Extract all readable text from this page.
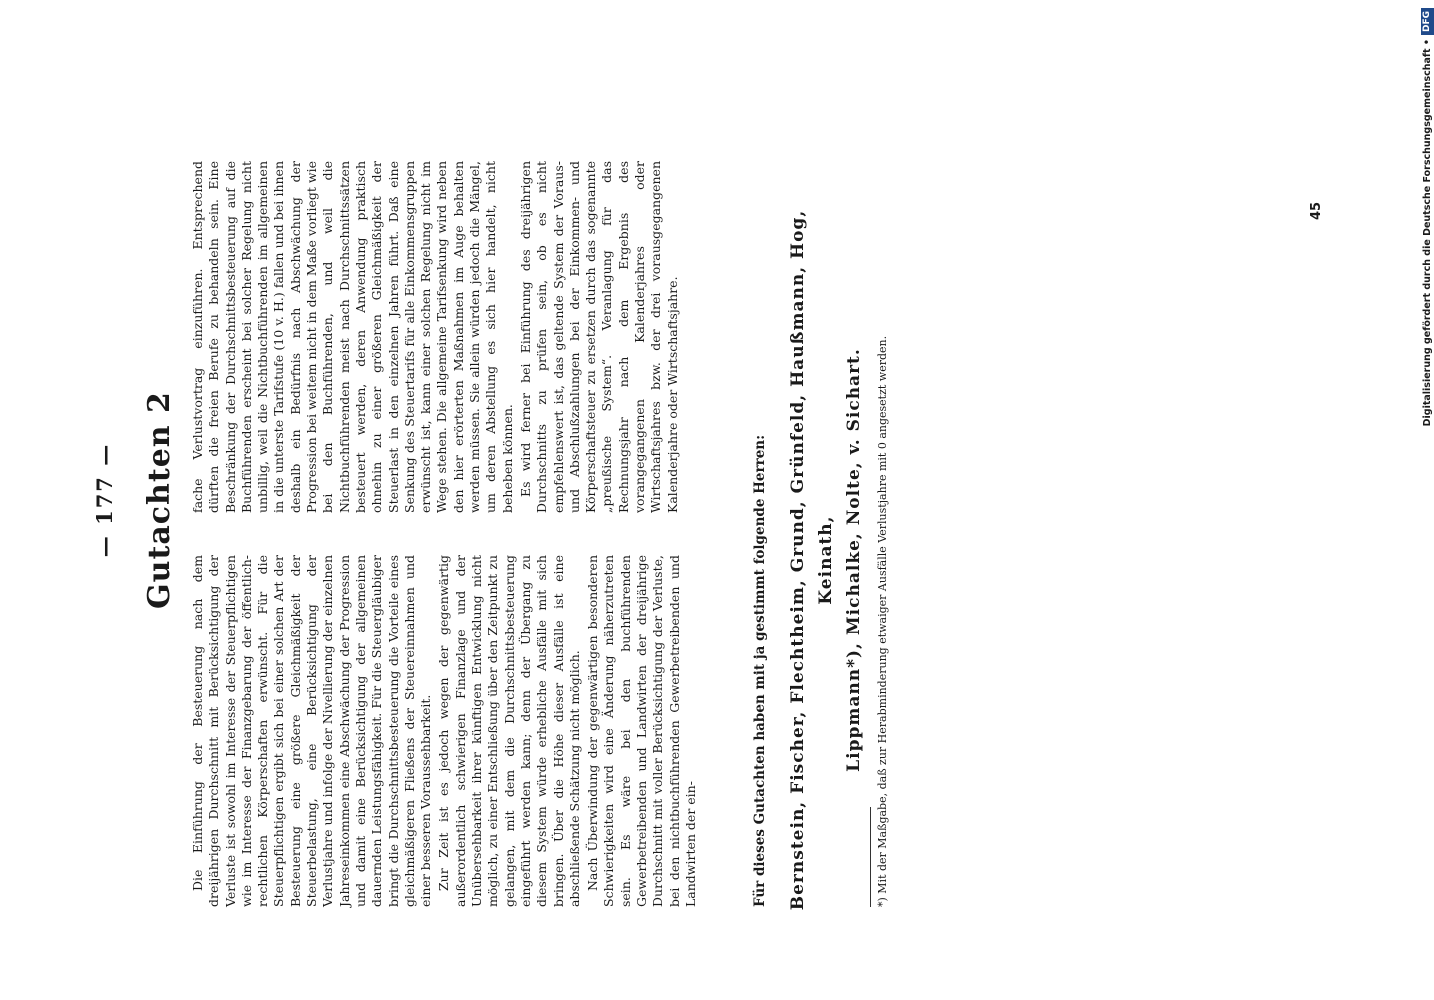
— 177 — Gutachten 2

Die Einführung der Besteuerung nach dem dreijährigen Durchschnitt mit Berücksichtigung der Verluste ist sowohl im Interesse der Steuerpflichtigen wie im Interesse der Finanzgebarung der öffentlich-rechtlichen Körperschaften erwünscht. Für die Steuerpflichtigen ergibt sich bei einer solchen Art der Besteuerung eine größere Gleichmäßigkeit der Steuerbelastung, eine Berücksichtigung der Verlustjahre und infolge der Nivellierung der einzelnen Jahreseinkommen eine Abschwächung der Progression und damit eine Berücksichtigung der allgemeinen dauernden Leistungsfähigkeit. Für die Steuergläubiger bringt die Durchschnittsbesteuerung die Vorteile eines gleichmäßigeren Fließens der Steuereinnahmen und einer besseren Voraussehbarkeit. Zur Zeit ist es jedoch wegen der gegenwärtig außerordentlich schwierigen Finanzlage und der Unübersehbarkeit ihrer künftigen Entwicklung nicht möglich, zu einer Entschließung über den Zeitpunkt zu gelangen, mit dem die Durchschnittsbesteuerung eingeführt werden kann; denn der Übergang zu diesem System würde erhebliche Ausfälle mit sich bringen. Über die Höhe dieser Ausfälle ist eine abschließende Schätzung nicht möglich. Nach Überwindung der gegenwärtigen besonderen Schwierigkeiten wird eine Änderung näherzutreten sein. Es wäre bei den buchführenden Gewerbetreibenden und Landwirten der dreijährige Durchschnitt mit voller Berücksichtigung der Verluste, bei den nichtbuchführenden Gewerbetreibenden und Landwirten der ein-

fache Verlustvortrag einzuführen. Entsprechend dürften die freien Berufe zu behandeln sein. Eine Beschränkung der Durchschnittsbesteuerung auf die Buchführenden erscheint bei solcher Regelung nicht unbillig, weil die Nichtbuchführenden im allgemeinen in die unterste Tarifstufe (10 v. H.) fallen und bei ihnen deshalb ein Bedürfnis nach Abschwächung der Progression bei weitem nicht in dem Maße vorliegt wie bei den Buchführenden, und weil die Nichtbuchführenden meist nach Durchschnittssätzen besteuert werden, deren Anwendung praktisch ohnehin zu einer größeren Gleichmäßigkeit der Steuerlast in den einzelnen Jahren führt. Daß eine Senkung des Steuertarifs für alle Einkommensgruppen erwünscht ist, kann einer solchen Regelung nicht im Wege stehen. Die allgemeine Tarifsenkung wird neben den hier erörterten Maßnahmen im Auge behalten werden müssen. Sie allein würden jedoch die Mängel, um deren Abstellung es sich hier handelt, nicht beheben können. Es wird ferner bei Einführung des dreijährigen Durchschnitts zu prüfen sein, ob es nicht empfehlenswert ist, das geltende System der Voraus- und Abschlußzahlungen bei der Einkommen- und Körperschaftsteuer zu ersetzen durch das sogenannte „preußische System“. Veranlagung für das Rechnungsjahr nach dem Ergebnis des vorangegangenen Kalenderjahres oder Wirtschaftsjahres bzw. der drei vorausgegangenen Kalenderjahre oder Wirtschaftsjahre.

Für dieses Gutachten haben mit ja gestimmt folgende Herren: Bernstein, Fischer, Flechtheim, Grund, Grünfeld, Haußmann, Hog, Keinath, Lippmann*), Michalke, Nolte, v. Sichart.	*) Mit der Maßgabe, daß zur Herabminderung etwaiger Ausfälle Verlustjahre mit 0 angesetzt werden.
45	Digitalisierung gefördert durch die Deutsche Forschungsgemeinschaft •
DFG
